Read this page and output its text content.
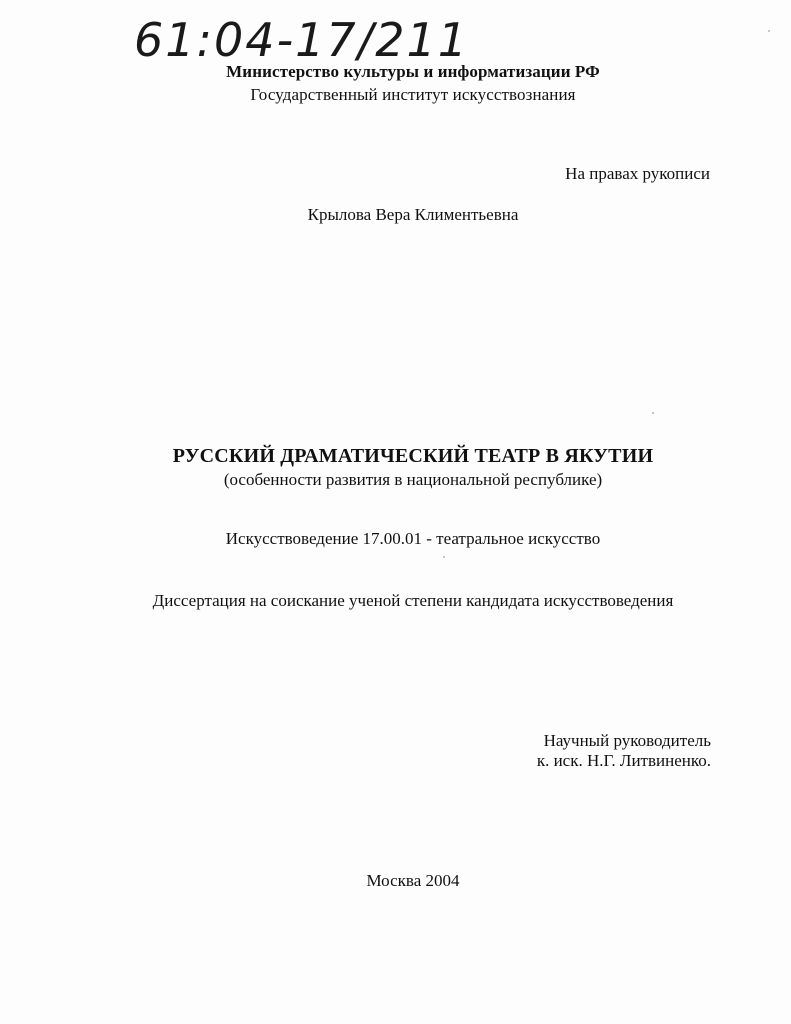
61:04-17/211
Министерство культуры и информатизации РФ
Государственный институт искусствознания
На правах рукописи
Крылова Вера Климентьевна
РУССКИЙ ДРАМАТИЧЕСКИЙ ТЕАТР В ЯКУТИИ
(особенности развития в национальной республике)
Искусствоведение 17.00.01 - театральное искусство
Диссертация на соискание ученой степени кандидата искусствоведения
Научный руководитель
к. иск. Н.Г. Литвиненко.
Москва 2004
